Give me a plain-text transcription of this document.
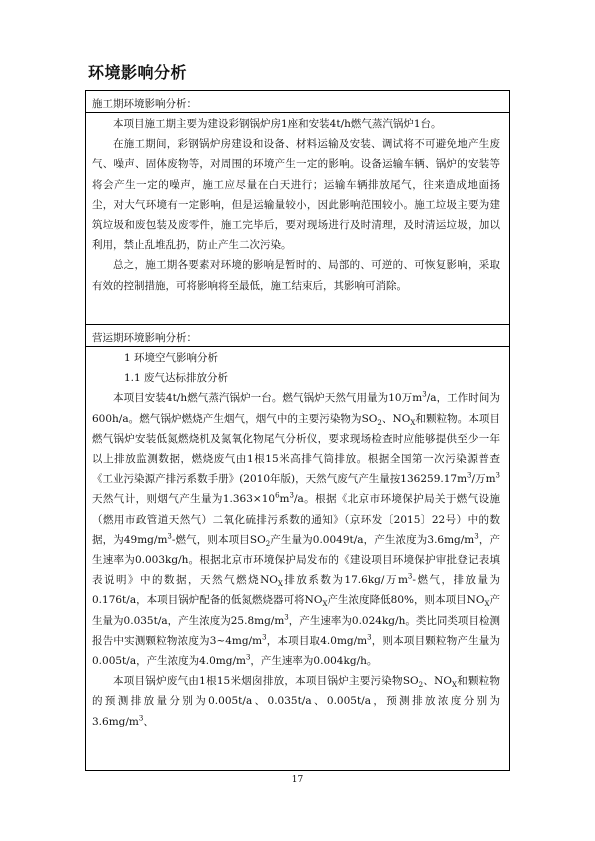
环境影响分析
施工期环境影响分析：

本项目施工期主要为建设彩钢锅炉房1座和安装4t/h燃气蒸汽锅炉1台。

在施工期间，彩钢锅炉房建设和设备、材料运输及安装、调试将不可避免地产生废气、噪声、固体废物等，对周围的环境产生一定的影响。设备运输车辆、锅炉的安装等将会产生一定的噪声，施工应尽量在白天进行；运输车辆排放尾气，往来造成地面扬尘，对大气环境有一定影响，但是运输量较小，因此影响范围较小。施工垃圾主要为建筑垃圾和废包装及废零件，施工完毕后，要对现场进行及时清理，及时清运垃圾，加以利用，禁止乱堆乱扔，防止产生二次污染。

总之，施工期各要素对环境的影响是暂时的、局部的、可逆的、可恢复影响，采取有效的控制措施，可将影响将至最低，施工结束后，其影响可消除。

营运期环境影响分析：

1 环境空气影响分析

1.1 废气达标排放分析

本项目安装4t/h燃气蒸汽锅炉一台。燃气锅炉天然气用量为10万$m^3/a$，工作时间为600h/a。燃气锅炉燃烧产生烟气，烟气中的主要污染物为$SO_2$、$NO_X$和颗粒物。本项目燃气锅炉安装低氮燃烧机及氮氧化物尾气分析仪，要求现场检查时应能够提供至少一年以上排放监测数据，燃烧废气由1根15米高排气筒排放。根据全国第一次污染源普查《工业污染源产排污系数手册》(2010年版)，天然气废气产生量按$136259.17m^3/$万$m^3$天然气计，则烟气产生量为$1.363\times 10^6m^3/a$。根据《北京市环境保护局关于燃气设施（燃用市政管道天然气）二氧化硫排污系数的通知》（京环发〔2015〕22号）中的数据，为$49mg/m^3-$燃气，则本项目$SO_2$产生量为0.0049t/a，产生浓度为$3.6mg/m^3$，产生速率为0.003kg/h。根据北京市环境保护局发布的《建设项目环境保护审批登记表填表说明》中的数据，天然气燃烧$NO_X$排放系数为17.6kg/万$m^3-$燃气，排放量为0.176t/a，本项目锅炉配备的低氮燃烧器可将$NO_X$产生浓度降低80%，则本项目$NO_X$产生量为0.035t/a，产生浓度为$25.8mg/m^3$，产生速率为0.024kg/h。类比同类项目检测报告中实测颗粒物浓度为$3\sim 4mg/m^3$，本项目取$4.0mg/m^3$，则本项目颗粒物产生量为0.005t/a，产生浓度为$4.0mg/m^3$，产生速率为0.004kg/h。

本项目锅炉废气由1根15米烟囱排放，本项目锅炉主要污染物$SO_2$、$NO_X$和颗粒物的预测排放量分别为0.005t/a、0.035t/a、0.005t/a，预测排放浓度分别为$3.6mg/m^3$、

17
